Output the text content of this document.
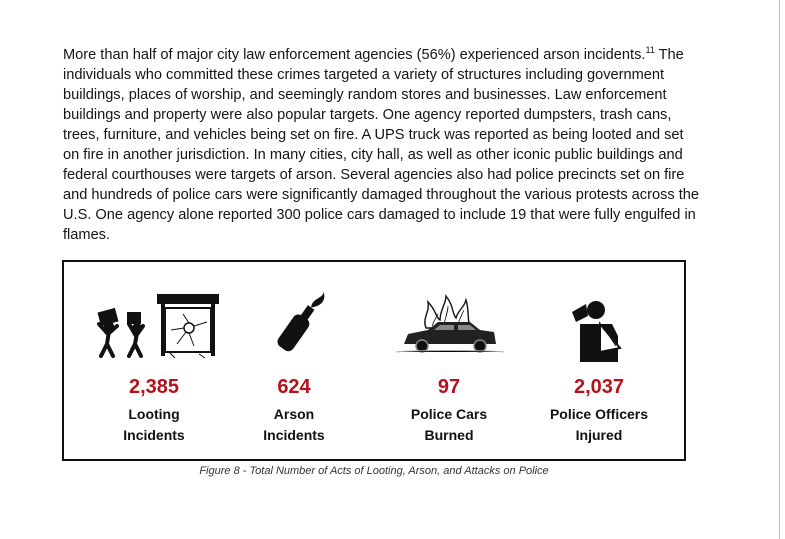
More than half of major city law enforcement agencies (56%) experienced arson incidents.$^{11}$ The individuals who committed these crimes targeted a variety of structures including government buildings, places of worship, and seemingly random stores and businesses. Law enforcement buildings and property were also popular targets. One agency reported dumpsters, trash cans, trees, furniture, and vehicles being set on fire. A UPS truck was reported as being looted and set on fire in another jurisdiction. In many cities, city hall, as well as other iconic public buildings and federal courthouses were targets of arson. Several agencies also had police precincts set on fire and hundreds of police cars were significantly damaged throughout the various protests across the U.S. One agency alone reported 300 police cars damaged to include 19 that were fully engulfed in flames.
2,385
Looting
Incidents
624
Arson
Incidents
97
Police Cars
Burned
2,037
Police Officers
Injured
Figure 8 - Total Number of Acts of Looting, Arson, and Attacks on Police
